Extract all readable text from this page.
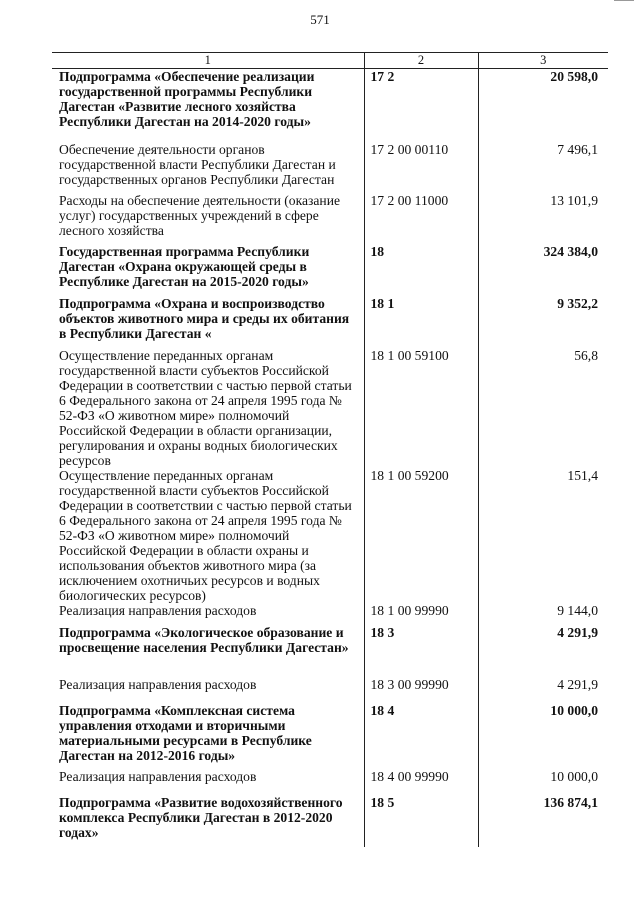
571
1	2	3
Подпрограмма «Обеспечение реализации государственной программы Республики Дагестан «Развитие лесного хозяйства Республики Дагестан на 2014-2020 годы»	17 2	20 598,0
Обеспечение деятельности органов государственной власти Республики Дагестан и государственных органов Республики Дагестан	17 2 00 00110	7 496,1
Расходы на обеспечение деятельности (оказание услуг) государственных учреждений в сфере лесного хозяйства	17 2 00 11000	13 101,9
Государственная программа Республики Дагестан «Охрана окружающей среды в Республике Дагестан на 2015-2020 годы»	18	324 384,0
Подпрограмма «Охрана и воспроизводство объектов животного мира и среды их обитания в Республики Дагестан «	18 1	9 352,2
Осуществление переданных органам государственной власти субъектов Российской Федерации в соответствии с частью первой статьи 6 Федерального закона от 24 апреля 1995 года № 52-ФЗ «О животном мире» полномочий Российской Федерации в области организации, регулирования и охраны водных биологических ресурсов	18 1 00 59100	56,8
Осуществление переданных органам государственной власти субъектов Российской Федерации в соответствии с частью первой статьи 6 Федерального закона от 24 апреля 1995 года № 52-ФЗ «О животном мире» полномочий Российской Федерации в области охраны и использования объектов животного мира (за исключением охотничьих ресурсов и водных биологических ресурсов)	18 1 00 59200	151,4
Реализация направления расходов	18 1 00 99990	9 144,0
Подпрограмма «Экологическое образование и просвещение населения Республики Дагестан»	18 3	4 291,9
Реализация направления расходов	18 3 00 99990	4 291,9
Подпрограмма «Комплексная система управления отходами и вторичными материальными ресурсами в Республике Дагестан на 2012-2016 годы»	18 4	10 000,0
Реализация направления расходов	18 4 00 99990	10 000,0
Подпрограмма «Развитие водохозяйственного комплекса Республики Дагестан в 2012-2020 годах»	18 5	136 874,1
